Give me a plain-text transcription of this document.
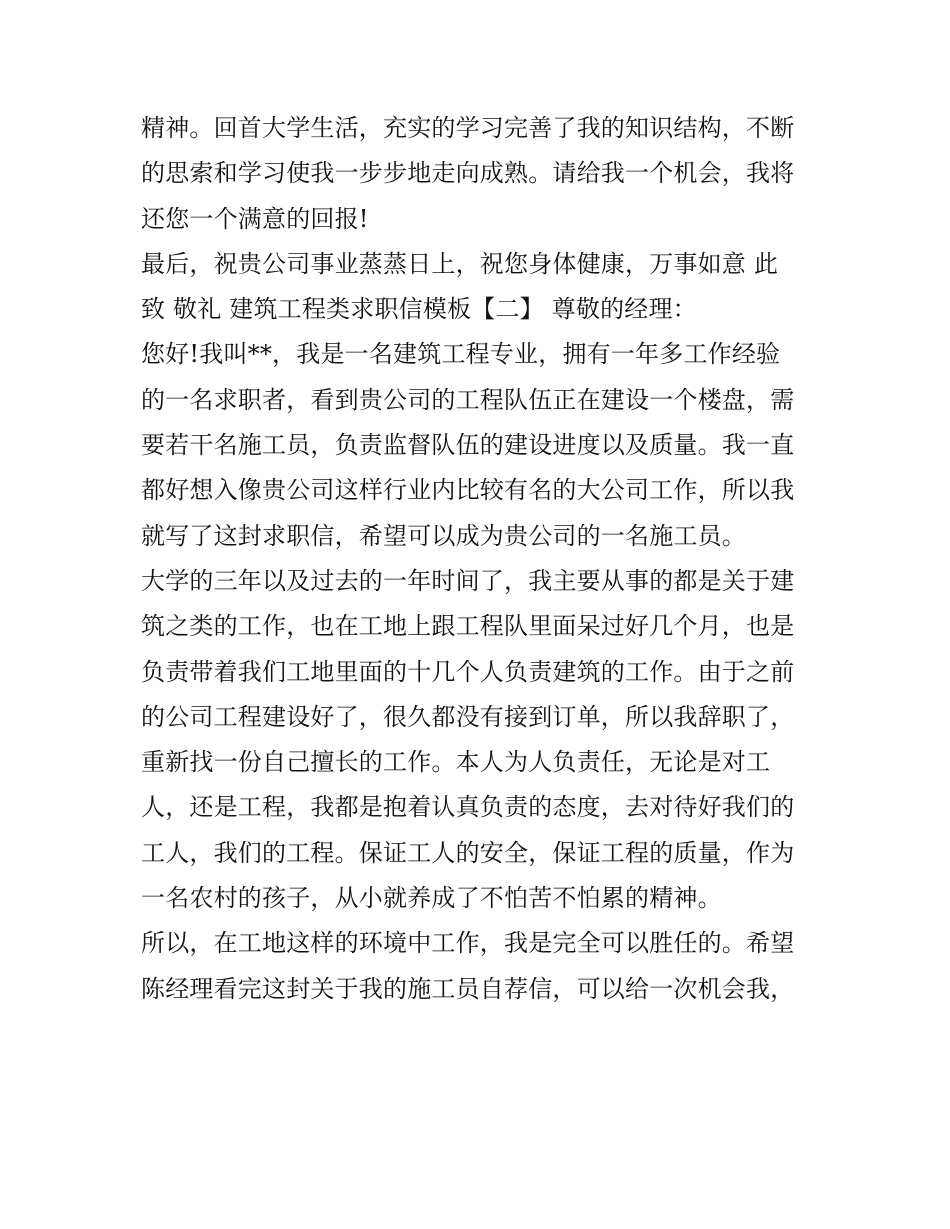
精神。回首大学生活，充实的学习完善了我的知识结构，不断
的思索和学习使我一步步地走向成熟。请给我一个机会，我将
还您一个满意的回报!
最后，祝贵公司事业蒸蒸日上，祝您身体健康，万事如意 此
致 敬礼 建筑工程类求职信模板【二】 尊敬的经理：
您好!我叫**，我是一名建筑工程专业，拥有一年多工作经验
的一名求职者，看到贵公司的工程队伍正在建设一个楼盘，需
要若干名施工员，负责监督队伍的建设进度以及质量。我一直
都好想入像贵公司这样行业内比较有名的大公司工作，所以我
就写了这封求职信，希望可以成为贵公司的一名施工员。
大学的三年以及过去的一年时间了，我主要从事的都是关于建
筑之类的工作，也在工地上跟工程队里面呆过好几个月，也是
负责带着我们工地里面的十几个人负责建筑的工作。由于之前
的公司工程建设好了，很久都没有接到订单，所以我辞职了，
重新找一份自己擅长的工作。本人为人负责任，无论是对工
人，还是工程，我都是抱着认真负责的态度，去对待好我们的
工人，我们的工程。保证工人的安全，保证工程的质量，作为
一名农村的孩子，从小就养成了不怕苦不怕累的精神。
所以，在工地这样的环境中工作，我是完全可以胜任的。希望
陈经理看完这封关于我的施工员自荐信，可以给一次机会我，
